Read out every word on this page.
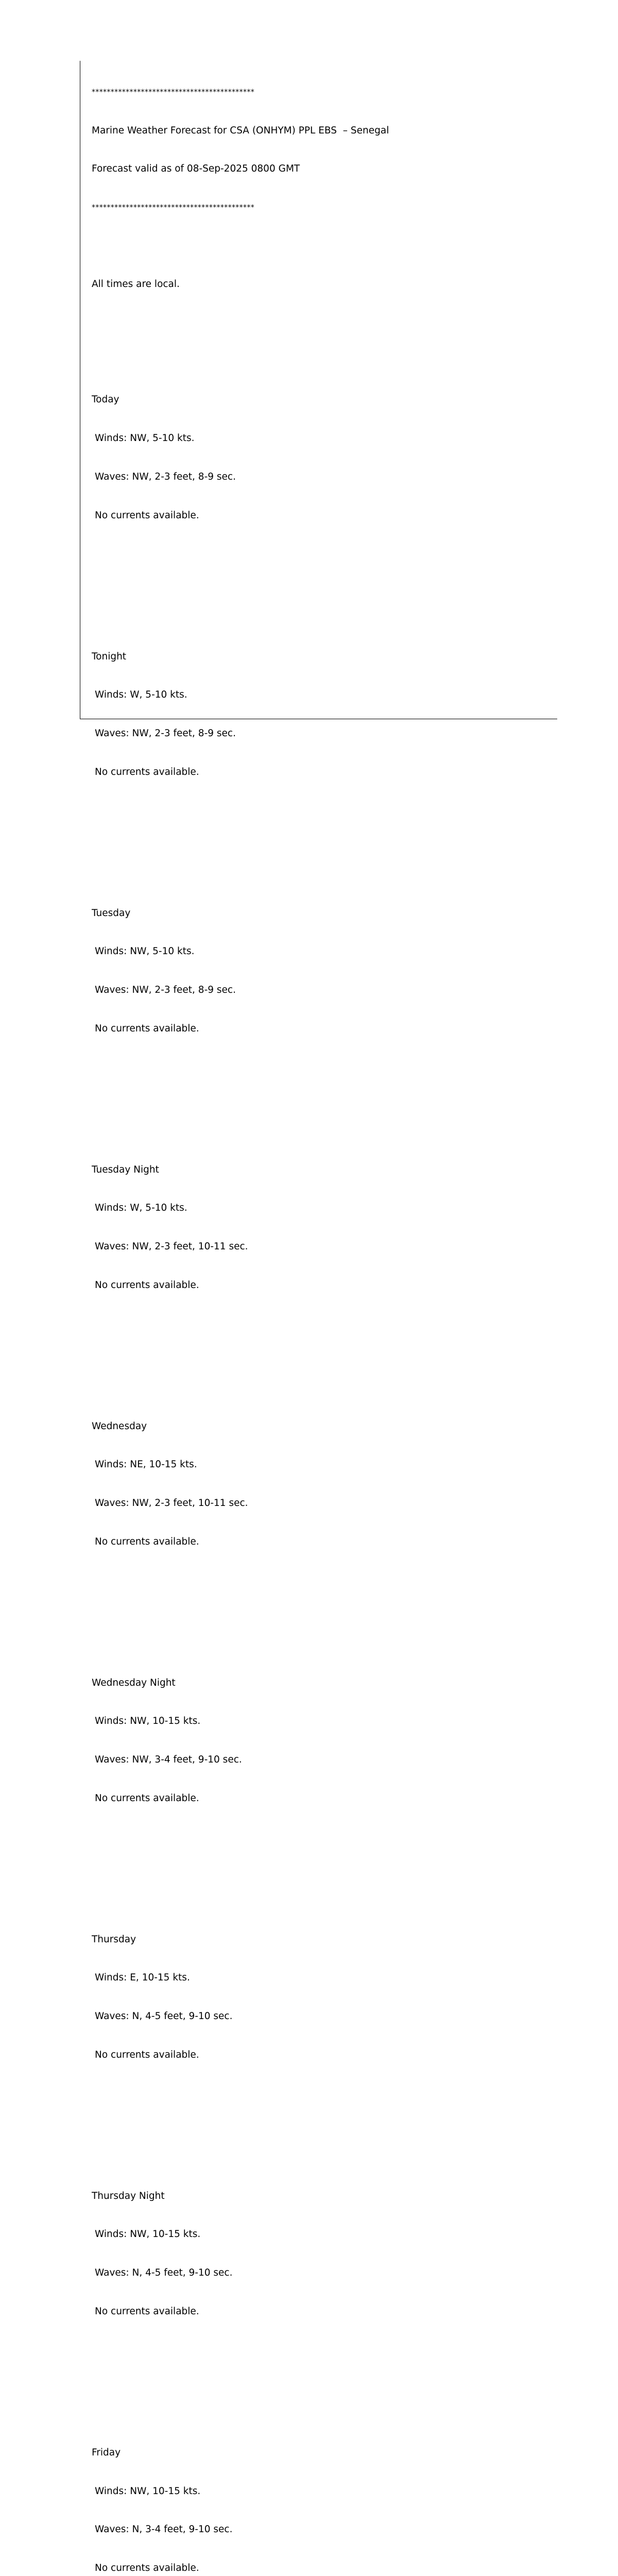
*******************************************

Marine Weather Forecast for CSA (ONHYM) PPL EBS  – Senegal

Forecast valid as of 08-Sep-2025 0800 GMT

*******************************************

All times are local.

Today

Winds: NW, 5-10 kts.

Waves: NW, 2-3 feet, 8-9 sec.

No currents available.

Tonight

Winds: W, 5-10 kts.

Waves: NW, 2-3 feet, 8-9 sec.

No currents available.

Tuesday

Winds: NW, 5-10 kts.

Waves: NW, 2-3 feet, 8-9 sec.

No currents available.

Tuesday Night

Winds: W, 5-10 kts.

Waves: NW, 2-3 feet, 10-11 sec.

No currents available.

Wednesday

Winds: NE, 10-15 kts.

Waves: NW, 2-3 feet, 10-11 sec.

No currents available.

Wednesday Night

Winds: NW, 10-15 kts.

Waves: NW, 3-4 feet, 9-10 sec.

No currents available.

Thursday

Winds: E, 10-15 kts.

Waves: N, 4-5 feet, 9-10 sec.

No currents available.

Thursday Night

Winds: NW, 10-15 kts.

Waves: N, 4-5 feet, 9-10 sec.

No currents available.

Friday

Winds: NW, 10-15 kts.

Waves: N, 3-4 feet, 9-10 sec.

No currents available.
